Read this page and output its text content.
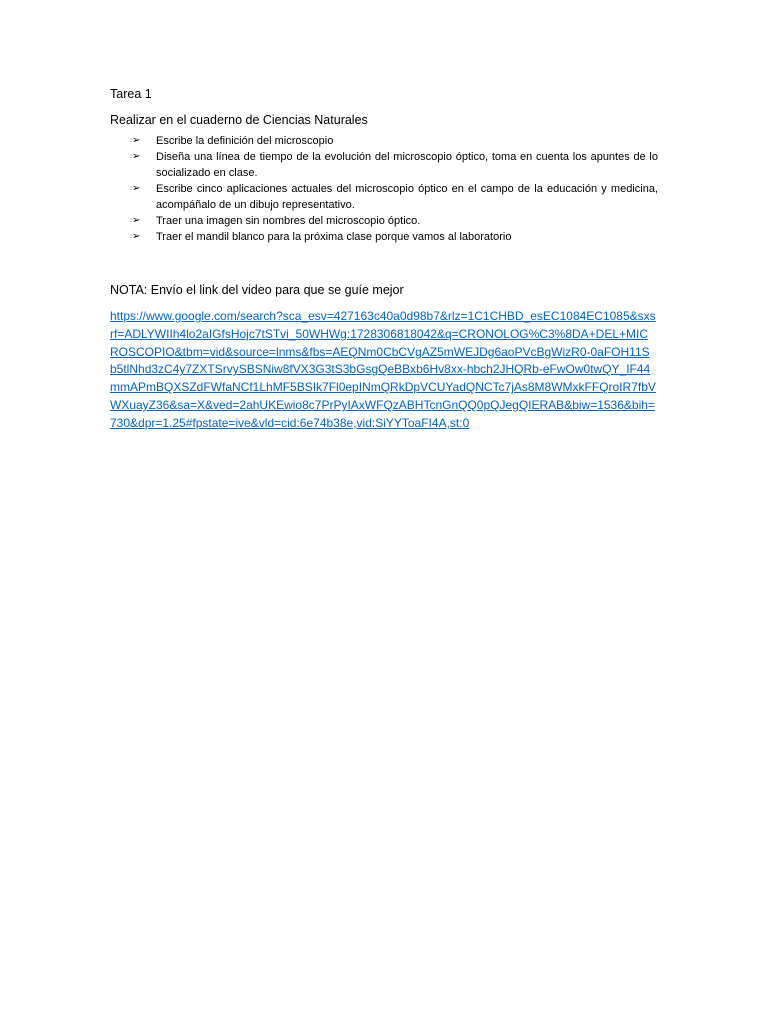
Tarea 1

Realizar en el cuaderno de Ciencias Naturales

➢ Escribe la definición del microscopio
➢ Diseña una línea de tiempo de la evolución del microscopio óptico, toma en cuenta los apuntes de lo socializado en clase.
➢ Escribe cinco aplicaciones actuales del microscopio óptico en el campo de la educación y medicina, acompáñalo de un dibujo representativo.
➢ Traer una imagen sin nombres del microscopio óptico.
➢ Traer el mandil blanco para la próxima clase porque vamos al laboratorio

NOTA: Envío el link del video para que se guíe mejor

https://www.google.com/search?sca_esv=427163c40a0d98b7&rlz=1C1CHBD_esEC1084EC1085&sxsrf=ADLYWIIh4lo2aIGfsHojc7tSTvi_50WHWg:1728306818042&q=CRONOLOG%C3%8DA+DEL+MICROSCOPIO&tbm=vid&source=lnms&fbs=AEQNm0CbCVgAZ5mWEJDg6aoPVcBgWizR0-0aFOH11Sb5tlNhd3zC4y7ZXTSrvySBSNiw8fVX3G3tS3bGsgQeBBxb6Hv8xx-hbch2JHQRb-eFwOw0twQY_IF44mmAPmBQXSZdFWfaNCf1LhMF5BSIk7Fl0epINmQRkDpVCUYadQNCTc7jAs8M8WMxkFFQroIR7fbVWXuayZ36&sa=X&ved=2ahUKEwio8c7PrPyIAxWFQzABHTcnGnQQ0pQJegQIERAB&biw=1536&bih=730&dpr=1.25#fpstate=ive&vld=cid:6e74b38e,vid:SiYYToaFI4A,st:0
